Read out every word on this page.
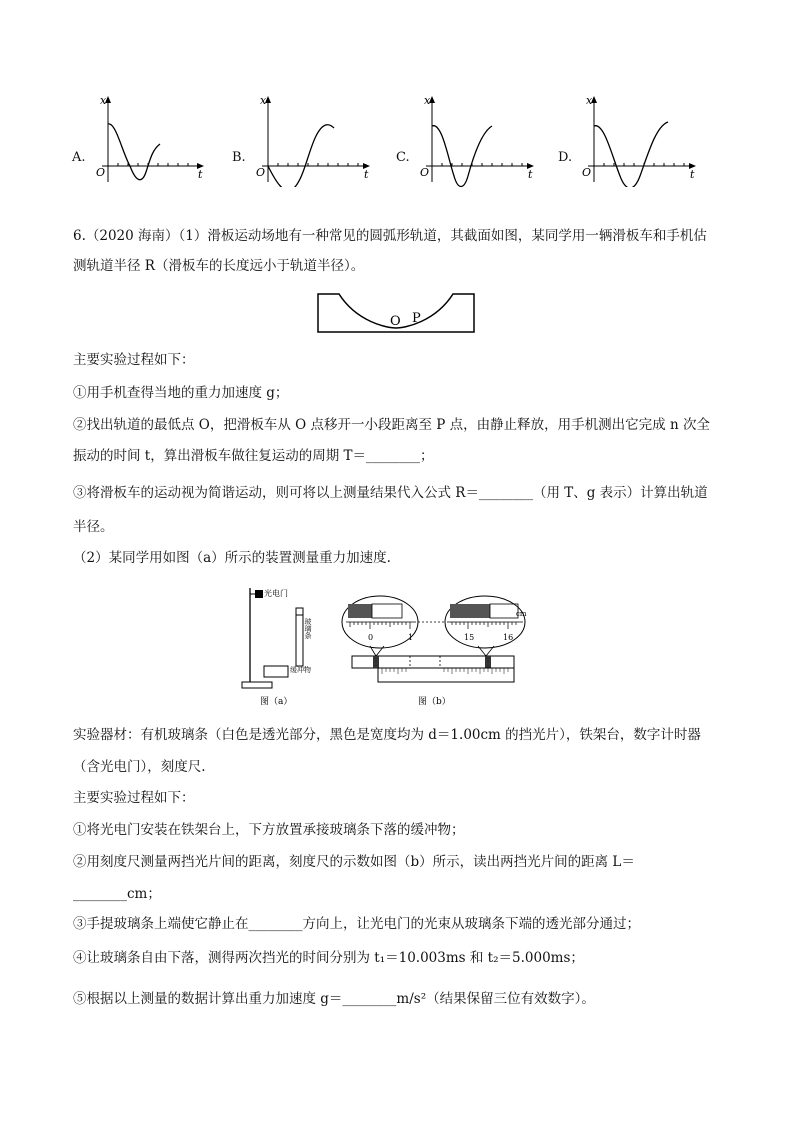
A.
x
O	t
B.
x
O	t
C.
x
O	t
D.
x
O	t
6.（2020 海南）（1）滑板运动场地有一种常见的圆弧形轨道，其截面如图，某同学用一辆滑板车和手机估
测轨道半径 R（滑板车的长度远小于轨道半径）。
O P
主要实验过程如下：
①用手机查得当地的重力加速度 g；
②找出轨道的最低点 O，把滑板车从 O 点移开一小段距离至 P 点，由静止释放，用手机测出它完成 n 次全
振动的时间 t，算出滑板车做往复运动的周期 T＝________；
③将滑板车的运动视为简谐运动，则可将以上测量结果代入公式 R＝________（用 T、g 表示）计算出轨道
半径。
（2）某同学用如图（a）所示的装置测量重力加速度.
光电门
玻璃条
缓冲物
图（a）
0	1	15	16
cm
图（b）
实验器材：有机玻璃条（白色是透光部分，黑色是宽度均为 d＝1.00cm 的挡光片），铁架台，数字计时器
（含光电门），刻度尺.
主要实验过程如下：
①将光电门安装在铁架台上，下方放置承接玻璃条下落的缓冲物；
②用刻度尺测量两挡光片间的距离，刻度尺的示数如图（b）所示，读出两挡光片间的距离 L＝
________cm；
③手提玻璃条上端使它静止在________方向上，让光电门的光束从玻璃条下端的透光部分通过；
④让玻璃条自由下落，测得两次挡光的时间分别为 t₁＝10.003ms 和 t₂＝5.000ms；
⑤根据以上测量的数据计算出重力加速度 g＝________m/s²（结果保留三位有效数字）。
